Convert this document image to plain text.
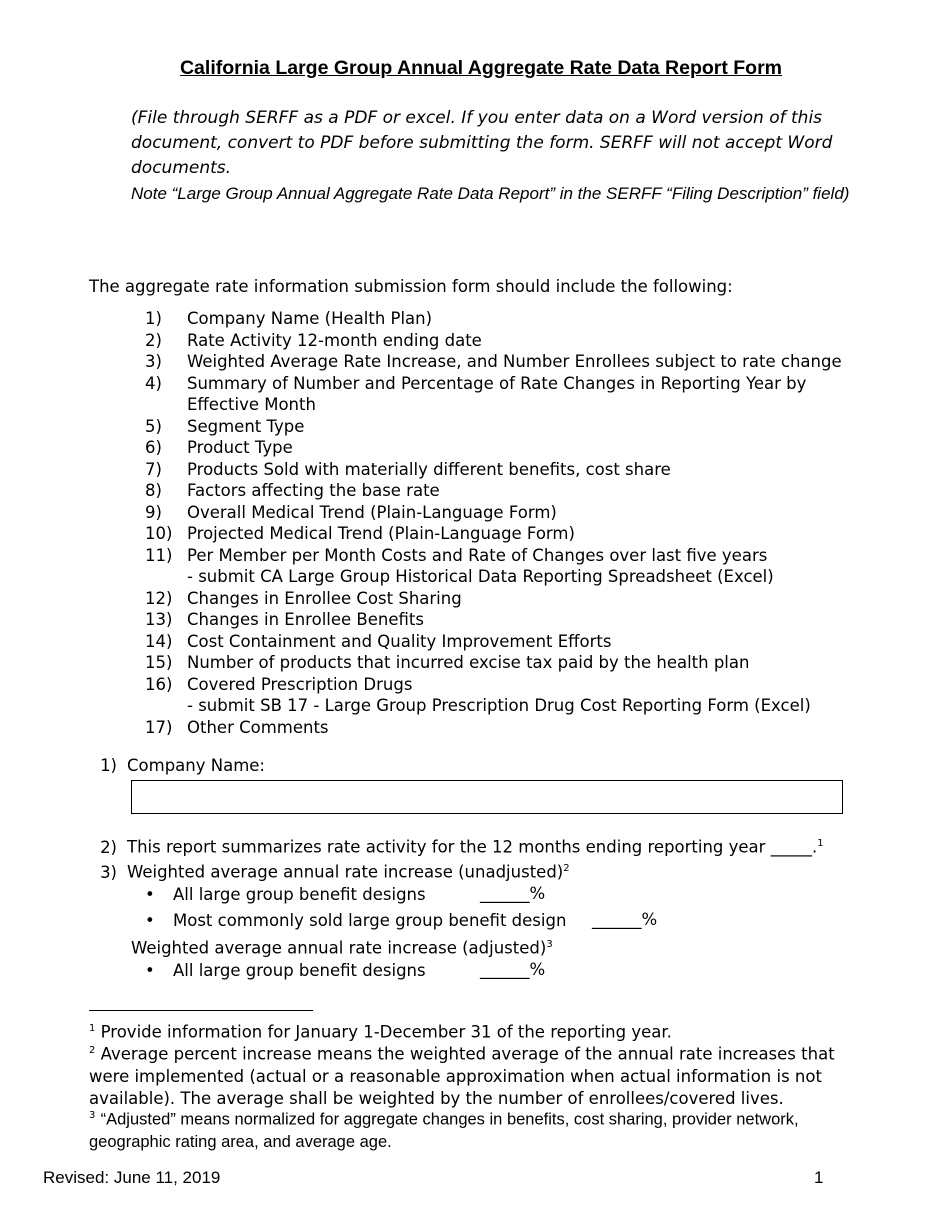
California Large Group Annual Aggregate Rate Data Report Form
(File through SERFF as a PDF or excel. If you enter data on a Word version of this document, convert to PDF before submitting the form. SERFF will not accept Word documents.
Note “Large Group Annual Aggregate Rate Data Report” in the SERFF “Filing Description” field)
The aggregate rate information submission form should include the following:
1)	Company Name (Health Plan)
2)	Rate Activity 12-month ending date
3)	Weighted Average Rate Increase, and Number Enrollees subject to rate change
4)	Summary of Number and Percentage of Rate Changes in Reporting Year by Effective Month
5)	Segment Type
6)	Product Type
7)	Products Sold with materially different benefits, cost share
8)	Factors affecting the base rate
9)	Overall Medical Trend (Plain-Language Form)
10) Projected Medical Trend (Plain-Language Form)
11) Per Member per Month Costs and Rate of Changes over last five years
- submit CA Large Group Historical Data Reporting Spreadsheet (Excel)
12) Changes in Enrollee Cost Sharing
13) Changes in Enrollee Benefits
14) Cost Containment and Quality Improvement Efforts
15) Number of products that incurred excise tax paid by the health plan
16) Covered Prescription Drugs
- submit SB 17 - Large Group Prescription Drug Cost Reporting Form (Excel)
17) Other Comments
1) Company Name:
2) This report summarizes rate activity for the 12 months ending reporting year _____.$^1$
3) Weighted average annual rate increase (unadjusted)$^2$
• All large group benefit designs	______%
• Most commonly sold large group benefit design ______%
Weighted average annual rate increase (adjusted)$^3$
• All large group benefit designs	______%
$^1$ Provide information for January 1-December 31 of the reporting year.
$^2$ Average percent increase means the weighted average of the annual rate increases that were implemented (actual or a reasonable approximation when actual information is not available). The average shall be weighted by the number of enrollees/covered lives.
$^3$ “Adjusted” means normalized for aggregate changes in benefits, cost sharing, provider network, geographic rating area, and average age.
Revised: June 11, 2019	1
